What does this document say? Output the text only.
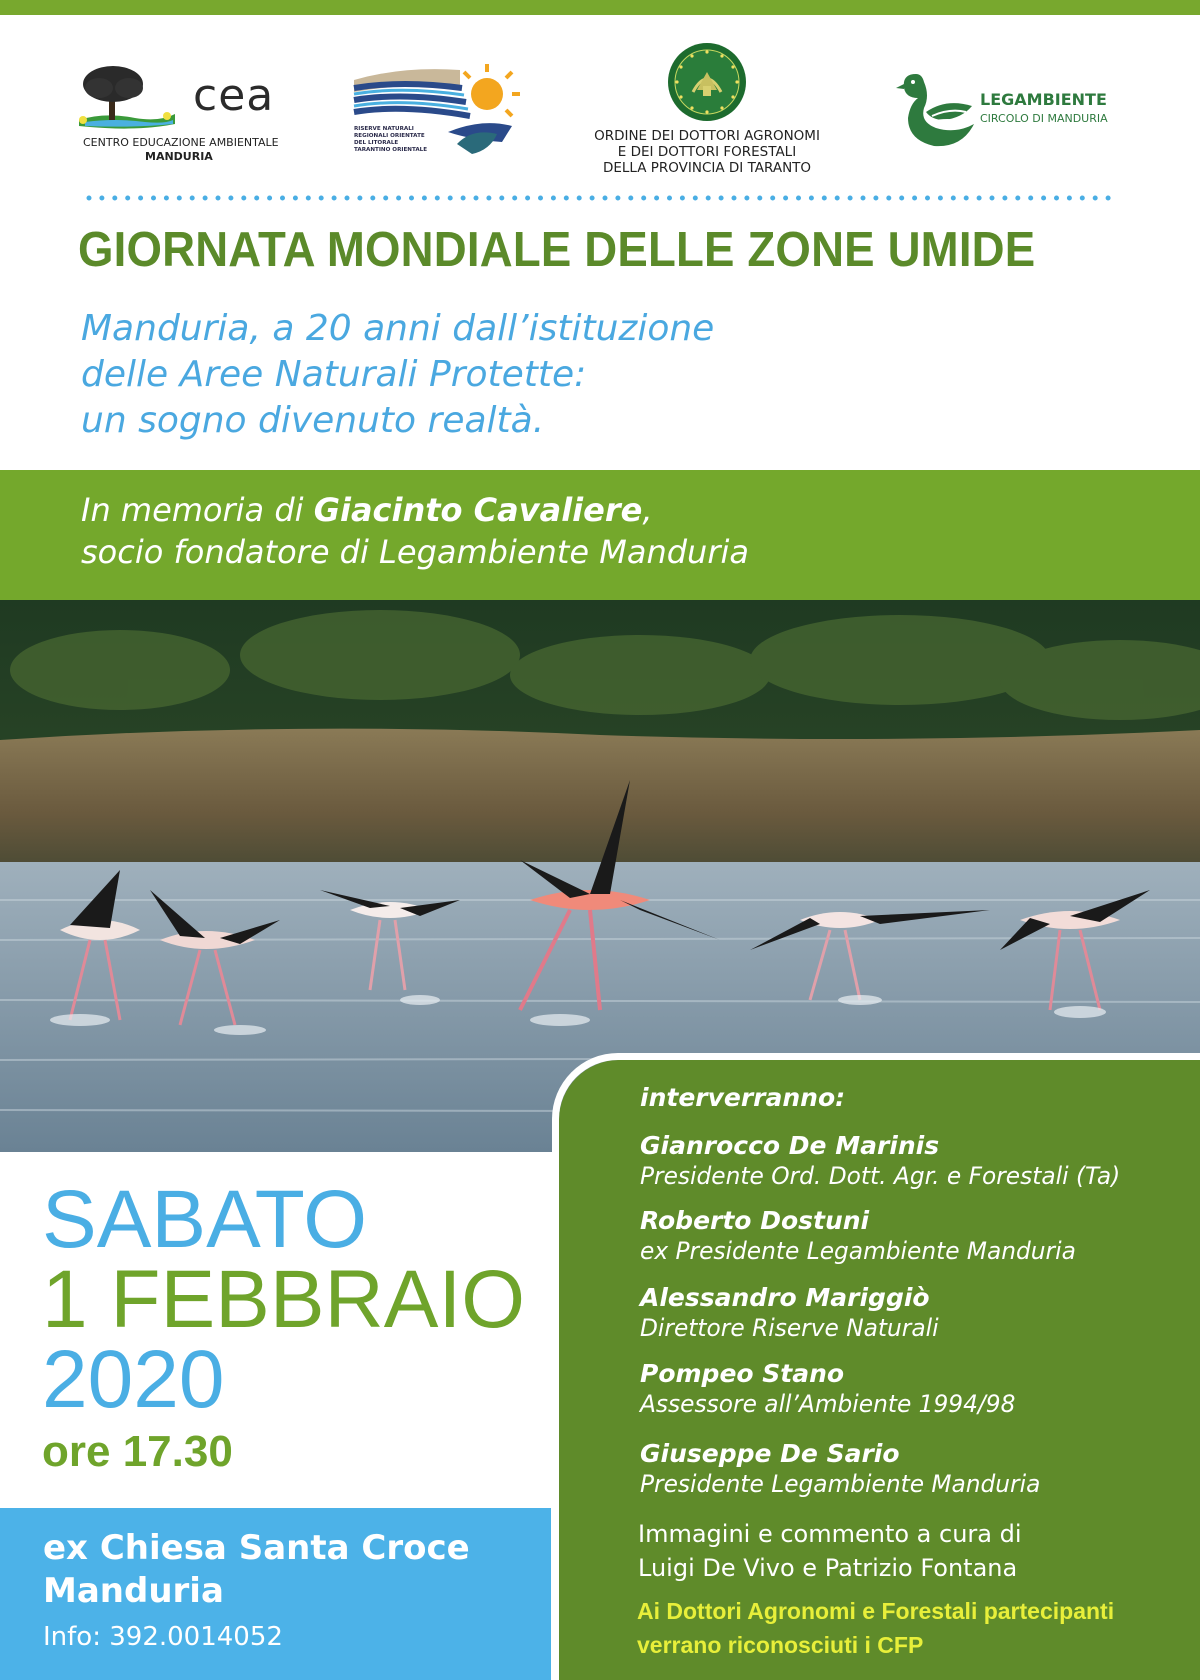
cea
CENTRO EDUCAZIONE AMBIENTALE
MANDURIA
RISERVE NATURALI
REGIONALI ORIENTATE
DEL LITORALE
TARANTINO ORIENTALE
ORDINE DEI DOTTORI AGRONOMI
E DEI DOTTORI FORESTALI
DELLA PROVINCIA DI TARANTO
LEGAMBIENTE
CIRCOLO DI MANDURIA
GIORNATA MONDIALE DELLE ZONE UMIDE
Manduria, a 20 anni dall’istituzione
delle Aree Naturali Protette:
un sogno divenuto realtà.
In memoria di Giacinto Cavaliere,
socio fondatore di Legambiente Manduria
SABATO
1 FEBBRAIO
2020
ore 17.30
ex Chiesa Santa Croce
Manduria
Info: 392.0014052
interverranno:
Gianrocco De Marinis
Presidente Ord. Dott. Agr. e Forestali (Ta)
Roberto Dostuni
ex Presidente Legambiente Manduria
Alessandro Mariggiò
Direttore Riserve Naturali
Pompeo Stano
Assessore all’Ambiente 1994/98
Giuseppe De Sario
Presidente Legambiente Manduria
Immagini e commento a cura di
Luigi De Vivo e Patrizio Fontana
Ai Dottori Agronomi e Forestali partecipanti
verrano riconosciuti i CFP
